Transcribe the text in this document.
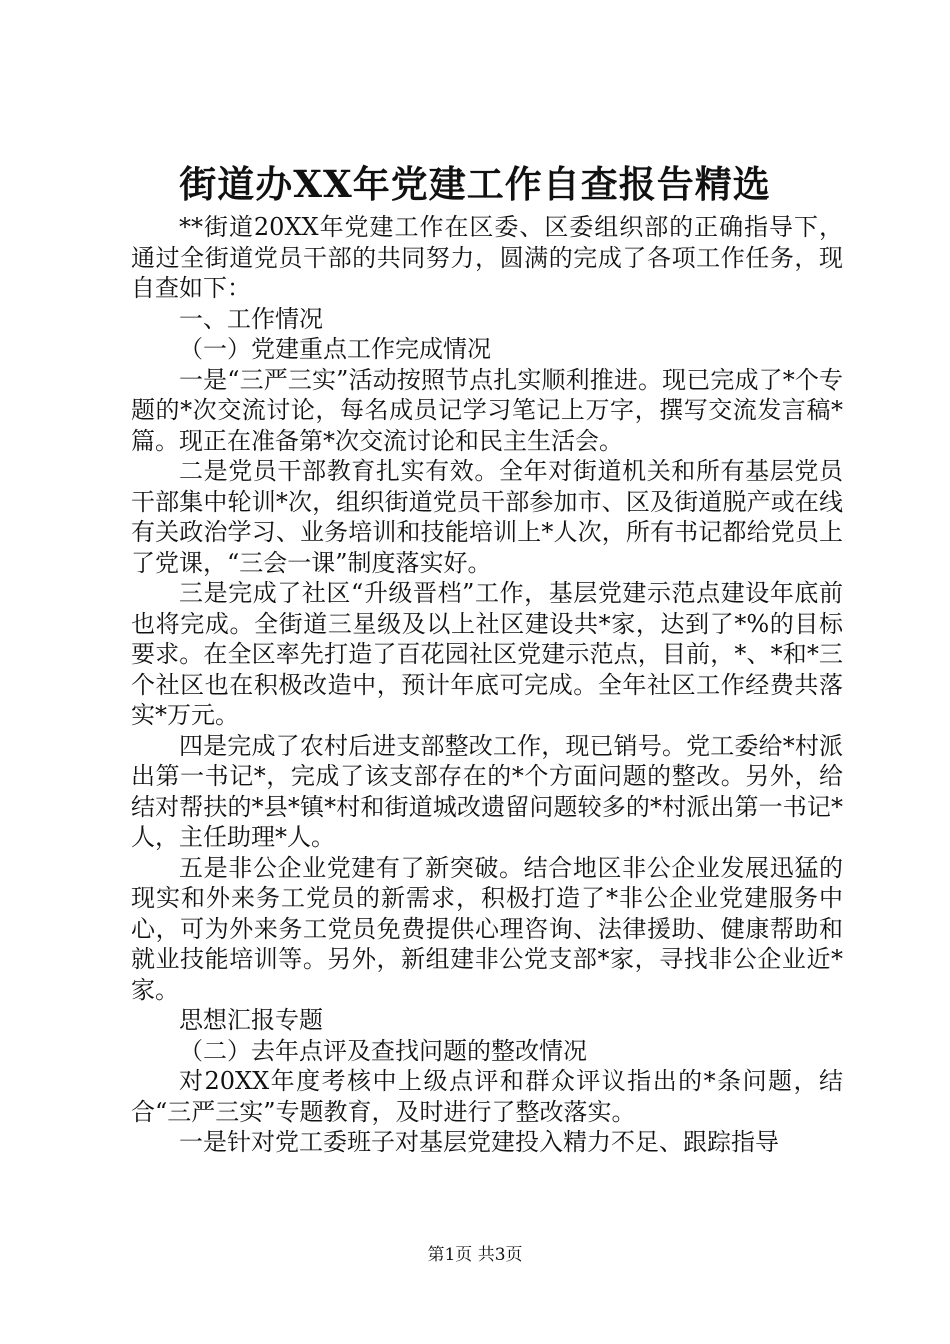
街道办XX年党建工作自查报告精选

**街道20XX年党建工作在区委、区委组织部的正确指导下，通过全街道党员干部的共同努力，圆满的完成了各项工作任务，现自查如下：

一、工作情况

（一）党建重点工作完成情况

一是“三严三实”活动按照节点扎实顺利推进。现已完成了*个专题的*次交流讨论，每名成员记学习笔记上万字，撰写交流发言稿*篇。现正在准备第*次交流讨论和民主生活会。

二是党员干部教育扎实有效。全年对街道机关和所有基层党员干部集中轮训*次，组织街道党员干部参加市、区及街道脱产或在线有关政治学习、业务培训和技能培训上*人次，所有书记都给党员上了党课，“三会一课”制度落实好。

三是完成了社区“升级晋档”工作，基层党建示范点建设年底前也将完成。全街道三星级及以上社区建设共*家，达到了*%的目标要求。在全区率先打造了百花园社区党建示范点，目前，*、*和*三个社区也在积极改造中，预计年底可完成。全年社区工作经费共落实*万元。

四是完成了农村后进支部整改工作，现已销号。党工委给*村派出第一书记*，完成了该支部存在的*个方面问题的整改。另外，给结对帮扶的*县*镇*村和街道城改遗留问题较多的*村派出第一书记*人，主任助理*人。

五是非公企业党建有了新突破。结合地区非公企业发展迅猛的现实和外来务工党员的新需求，积极打造了*非公企业党建服务中心，可为外来务工党员免费提供心理咨询、法律援助、健康帮助和就业技能培训等。另外，新组建非公党支部*家，寻找非公企业近*家。

思想汇报专题

（二）去年点评及查找问题的整改情况

对20XX年度考核中上级点评和群众评议指出的*条问题，结合“三严三实”专题教育，及时进行了整改落实。

一是针对党工委班子对基层党建投入精力不足、跟踪指导

第1页 共3页
